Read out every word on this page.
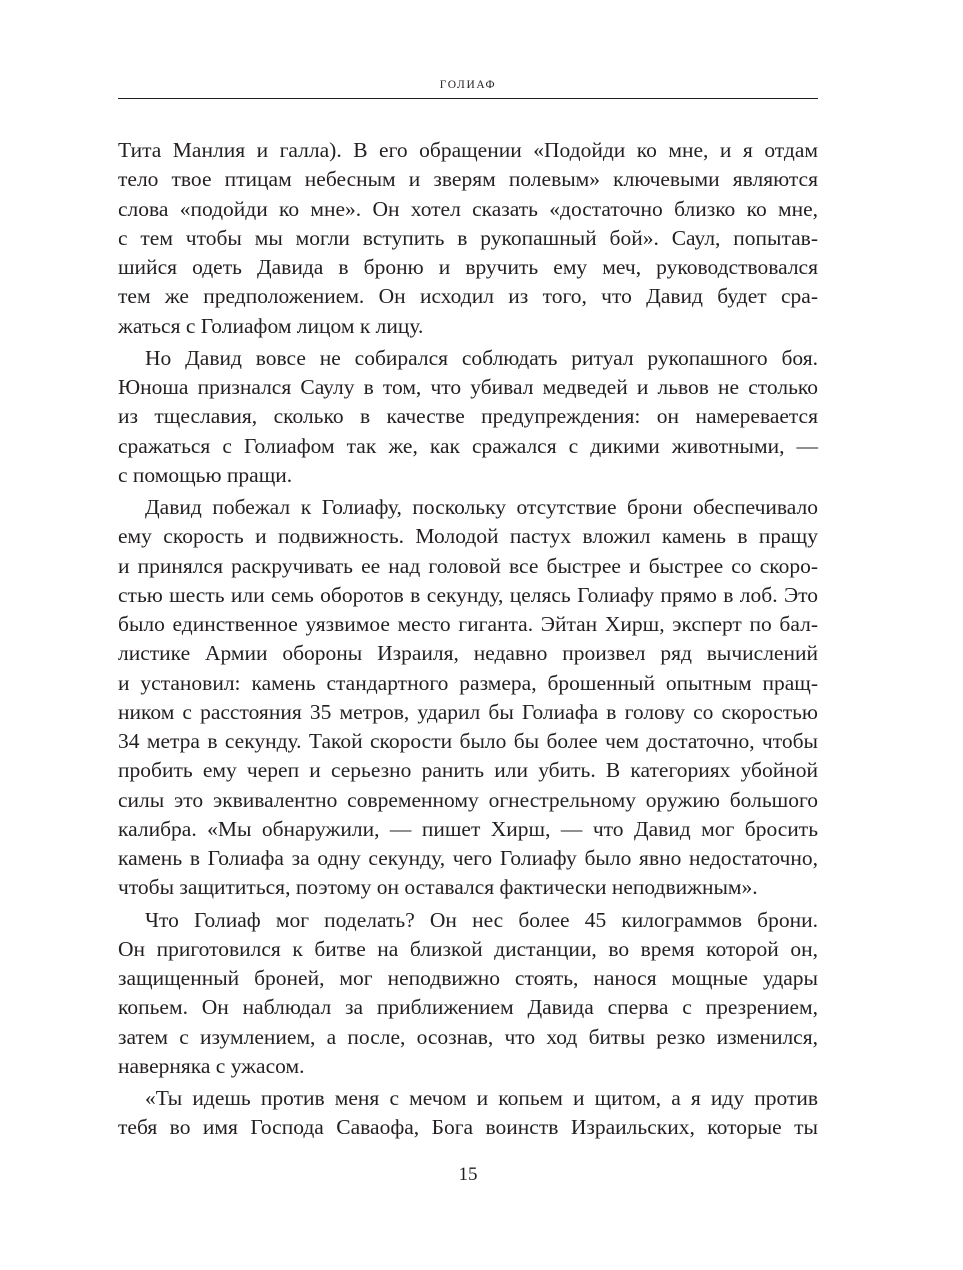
ГОЛИАФ
Тита Манлия и галла). В его обращении «Подойди ко мне, и я отдам
тело твое птицам небесным и зверям полевым» ключевыми являются
слова «подойди ко мне». Он хотел сказать «достаточно близко ко мне,
с тем чтобы мы могли вступить в рукопашный бой». Саул, попытав-
шийся одеть Давида в броню и вручить ему меч, руководствовался
тем же предположением. Он исходил из того, что Давид будет сра-
жаться с Голиафом лицом к лицу.
Но Давид вовсе не собирался соблюдать ритуал рукопашного боя.
Юноша признался Саулу в том, что убивал медведей и львов не столько
из тщеславия, сколько в качестве предупреждения: он намеревается
сражаться с Голиафом так же, как сражался с дикими животными, —
с помощью пращи.
Давид побежал к Голиафу, поскольку отсутствие брони обеспечивало
ему скорость и подвижность. Молодой пастух вложил камень в пращу
и принялся раскручивать ее над головой все быстрее и быстрее со скоро-
стью шесть или семь оборотов в секунду, целясь Голиафу прямо в лоб. Это
было единственное уязвимое место гиганта. Эйтан Хирш, эксперт по бал-
листике Армии обороны Израиля, недавно произвел ряд вычислений
и установил: камень стандартного размера, брошенный опытным пращ-
ником с расстояния 35 метров, ударил бы Голиафа в голову со скоростью
34 метра в секунду. Такой скорости было бы более чем достаточно, чтобы
пробить ему череп и серьезно ранить или убить. В категориях убойной
силы это эквивалентно современному огнестрельному оружию большого
калибра. «Мы обнаружили, — пишет Хирш, — что Давид мог бросить
камень в Голиафа за одну секунду, чего Голиафу было явно недостаточно,
чтобы защититься, поэтому он оставался фактически неподвижным».
Что Голиаф мог поделать? Он нес более 45 килограммов брони.
Он приготовился к битве на близкой дистанции, во время которой он,
защищенный броней, мог неподвижно стоять, нанося мощные удары
копьем. Он наблюдал за приближением Давида сперва с презрением,
затем с изумлением, а после, осознав, что ход битвы резко изменился,
наверняка с ужасом.
«Ты идешь против меня с мечом и копьем и щитом, а я иду против
тебя во имя Господа Саваофа, Бога воинств Израильских, которые ты
15
